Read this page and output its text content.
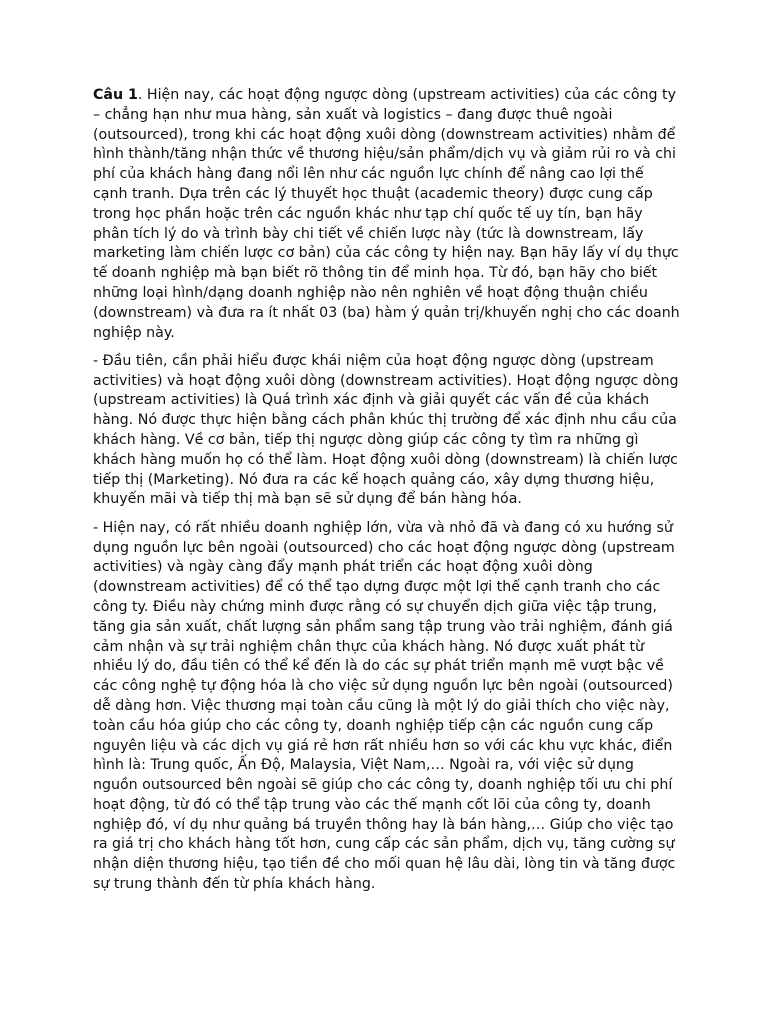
Câu 1. Hiện nay, các hoạt động ngược dòng (upstream activities) của các công ty – chẳng hạn như mua hàng, sản xuất và logistics – đang được thuê ngoài (outsourced), trong khi các hoạt động xuôi dòng (downstream activities) nhằm để hình thành/tăng nhận thức về thương hiệu/sản phẩm/dịch vụ và giảm rủi ro và chi phí của khách hàng đang nổi lên như các nguồn lực chính để nâng cao lợi thế cạnh tranh. Dựa trên các lý thuyết học thuật (academic theory) được cung cấp trong học phần hoặc trên các nguồn khác như tạp chí quốc tế uy tín, bạn hãy phân tích lý do và trình bày chi tiết về chiến lược này (tức là downstream, lấy marketing làm chiến lược cơ bản) của các công ty hiện nay. Bạn hãy lấy ví dụ thực tế doanh nghiệp mà bạn biết rõ thông tin để minh họa. Từ đó, bạn hãy cho biết những loại hình/dạng doanh nghiệp nào nên nghiên về hoạt động thuận chiều (downstream) và đưa ra ít nhất 03 (ba) hàm ý quản trị/khuyến nghị cho các doanh nghiệp này.

- Đầu tiên, cần phải hiểu được khái niệm của hoạt động ngược dòng (upstream activities) và hoạt động xuôi dòng (downstream activities). Hoạt động ngược dòng (upstream activities) là Quá trình xác định và giải quyết các vấn đề của khách hàng. Nó được thực hiện bằng cách phân khúc thị trường để xác định nhu cầu của khách hàng. Về cơ bản, tiếp thị ngược dòng giúp các công ty tìm ra những gì khách hàng muốn họ có thể làm. Hoạt động xuôi dòng (downstream) là chiến lược tiếp thị (Marketing). Nó đưa ra các kế hoạch quảng cáo, xây dựng thương hiệu, khuyến mãi và tiếp thị mà bạn sẽ sử dụng để bán hàng hóa.

- Hiện nay, có rất nhiều doanh nghiệp lớn, vừa và nhỏ đã và đang có xu hướng sử dụng nguồn lực bên ngoài (outsourced) cho các hoạt động ngược dòng (upstream activities) và ngày càng đẩy mạnh phát triển các hoạt động xuôi dòng (downstream activities) để có thể tạo dựng được một lợi thế cạnh tranh cho các công ty. Điều này chứng minh được rằng có sự chuyển dịch giữa việc tập trung, tăng gia sản xuất, chất lượng sản phẩm sang tập trung vào trải nghiệm, đánh giá cảm nhận và sự trải nghiệm chân thực của khách hàng. Nó được xuất phát từ nhiều lý do, đầu tiên có thể kể đến là do các sự phát triển mạnh mẽ vượt bậc về các công nghệ tự động hóa là cho việc sử dụng nguồn lực bên ngoài (outsourced) dễ dàng hơn. Việc thương mại toàn cầu cũng là một lý do giải thích cho việc này, toàn cầu hóa giúp cho các công ty, doanh nghiệp tiếp cận các nguồn cung cấp nguyên liệu và các dịch vụ giá rẻ hơn rất nhiều hơn so với các khu vực khác, điển hình là: Trung quốc, Ấn Độ, Malaysia, Việt Nam,… Ngoài ra, với việc sử dụng nguồn outsourced bên ngoài sẽ giúp cho các công ty, doanh nghiệp tối ưu chi phí hoạt động, từ đó có thể tập trung vào các thế mạnh cốt lõi của công ty, doanh nghiệp đó, ví dụ như quảng bá truyền thông hay là bán hàng,… Giúp cho việc tạo ra giá trị cho khách hàng tốt hơn, cung cấp các sản phẩm, dịch vụ, tăng cường sự nhận diện thương hiệu, tạo tiền đề cho mối quan hệ lâu dài, lòng tin và tăng được sự trung thành đến từ phía khách hàng.
